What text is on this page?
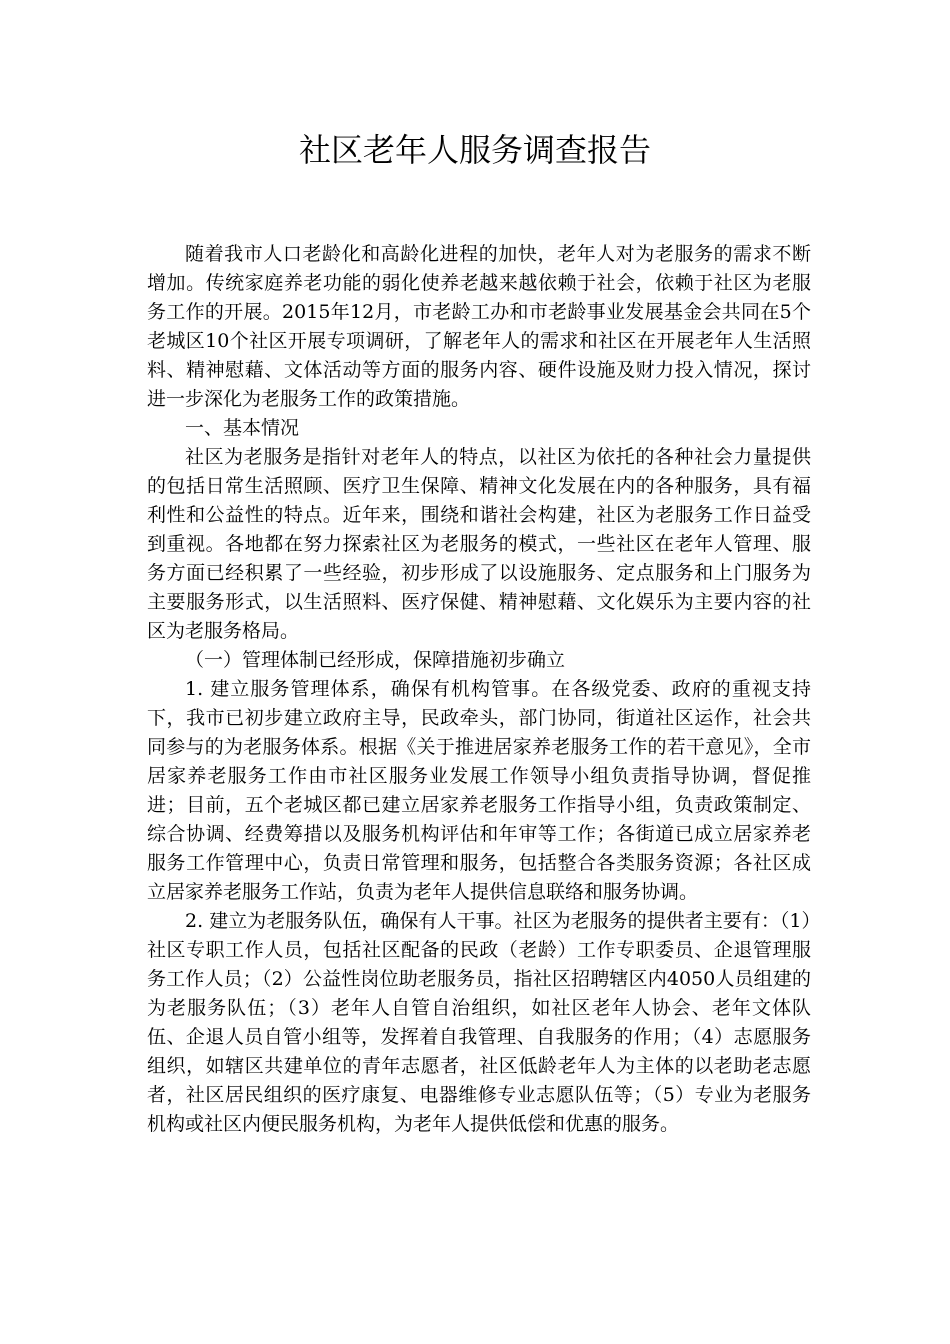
社区老年人服务调查报告

随着我市人口老龄化和高龄化进程的加快，老年人对为老服务的需求不断增加。传统家庭养老功能的弱化使养老越来越依赖于社会，依赖于社区为老服务工作的开展。2015年12月，市老龄工办和市老龄事业发展基金会共同在5个老城区10个社区开展专项调研，了解老年人的需求和社区在开展老年人生活照料、精神慰藉、文体活动等方面的服务内容、硬件设施及财力投入情况，探讨进一步深化为老服务工作的政策措施。

一、基本情况

社区为老服务是指针对老年人的特点，以社区为依托的各种社会力量提供的包括日常生活照顾、医疗卫生保障、精神文化发展在内的各种服务，具有福利性和公益性的特点。近年来，围绕和谐社会构建，社区为老服务工作日益受到重视。各地都在努力探索社区为老服务的模式，一些社区在老年人管理、服务方面已经积累了一些经验，初步形成了以设施服务、定点服务和上门服务为主要服务形式，以生活照料、医疗保健、精神慰藉、文化娱乐为主要内容的社区为老服务格局。

（一）管理体制已经形成，保障措施初步确立

1. 建立服务管理体系，确保有机构管事。在各级党委、政府的重视支持下，我市已初步建立政府主导，民政牵头，部门协同，街道社区运作，社会共同参与的为老服务体系。根据《关于推进居家养老服务工作的若干意见》，全市居家养老服务工作由市社区服务业发展工作领导小组负责指导协调，督促推进；目前，五个老城区都已建立居家养老服务工作指导小组，负责政策制定、综合协调、经费筹措以及服务机构评估和年审等工作；各街道已成立居家养老服务工作管理中心，负责日常管理和服务，包括整合各类服务资源；各社区成立居家养老服务工作站，负责为老年人提供信息联络和服务协调。

2. 建立为老服务队伍，确保有人干事。社区为老服务的提供者主要有：（1）社区专职工作人员，包括社区配备的民政（老龄）工作专职委员、企退管理服务工作人员；（2）公益性岗位助老服务员，指社区招聘辖区内4050人员组建的为老服务队伍；（3）老年人自管自治组织，如社区老年人协会、老年文体队伍、企退人员自管小组等，发挥着自我管理、自我服务的作用；（4）志愿服务组织，如辖区共建单位的青年志愿者，社区低龄老年人为主体的以老助老志愿者，社区居民组织的医疗康复、电器维修专业志愿队伍等；（5）专业为老服务机构或社区内便民服务机构，为老年人提供低偿和优惠的服务。
